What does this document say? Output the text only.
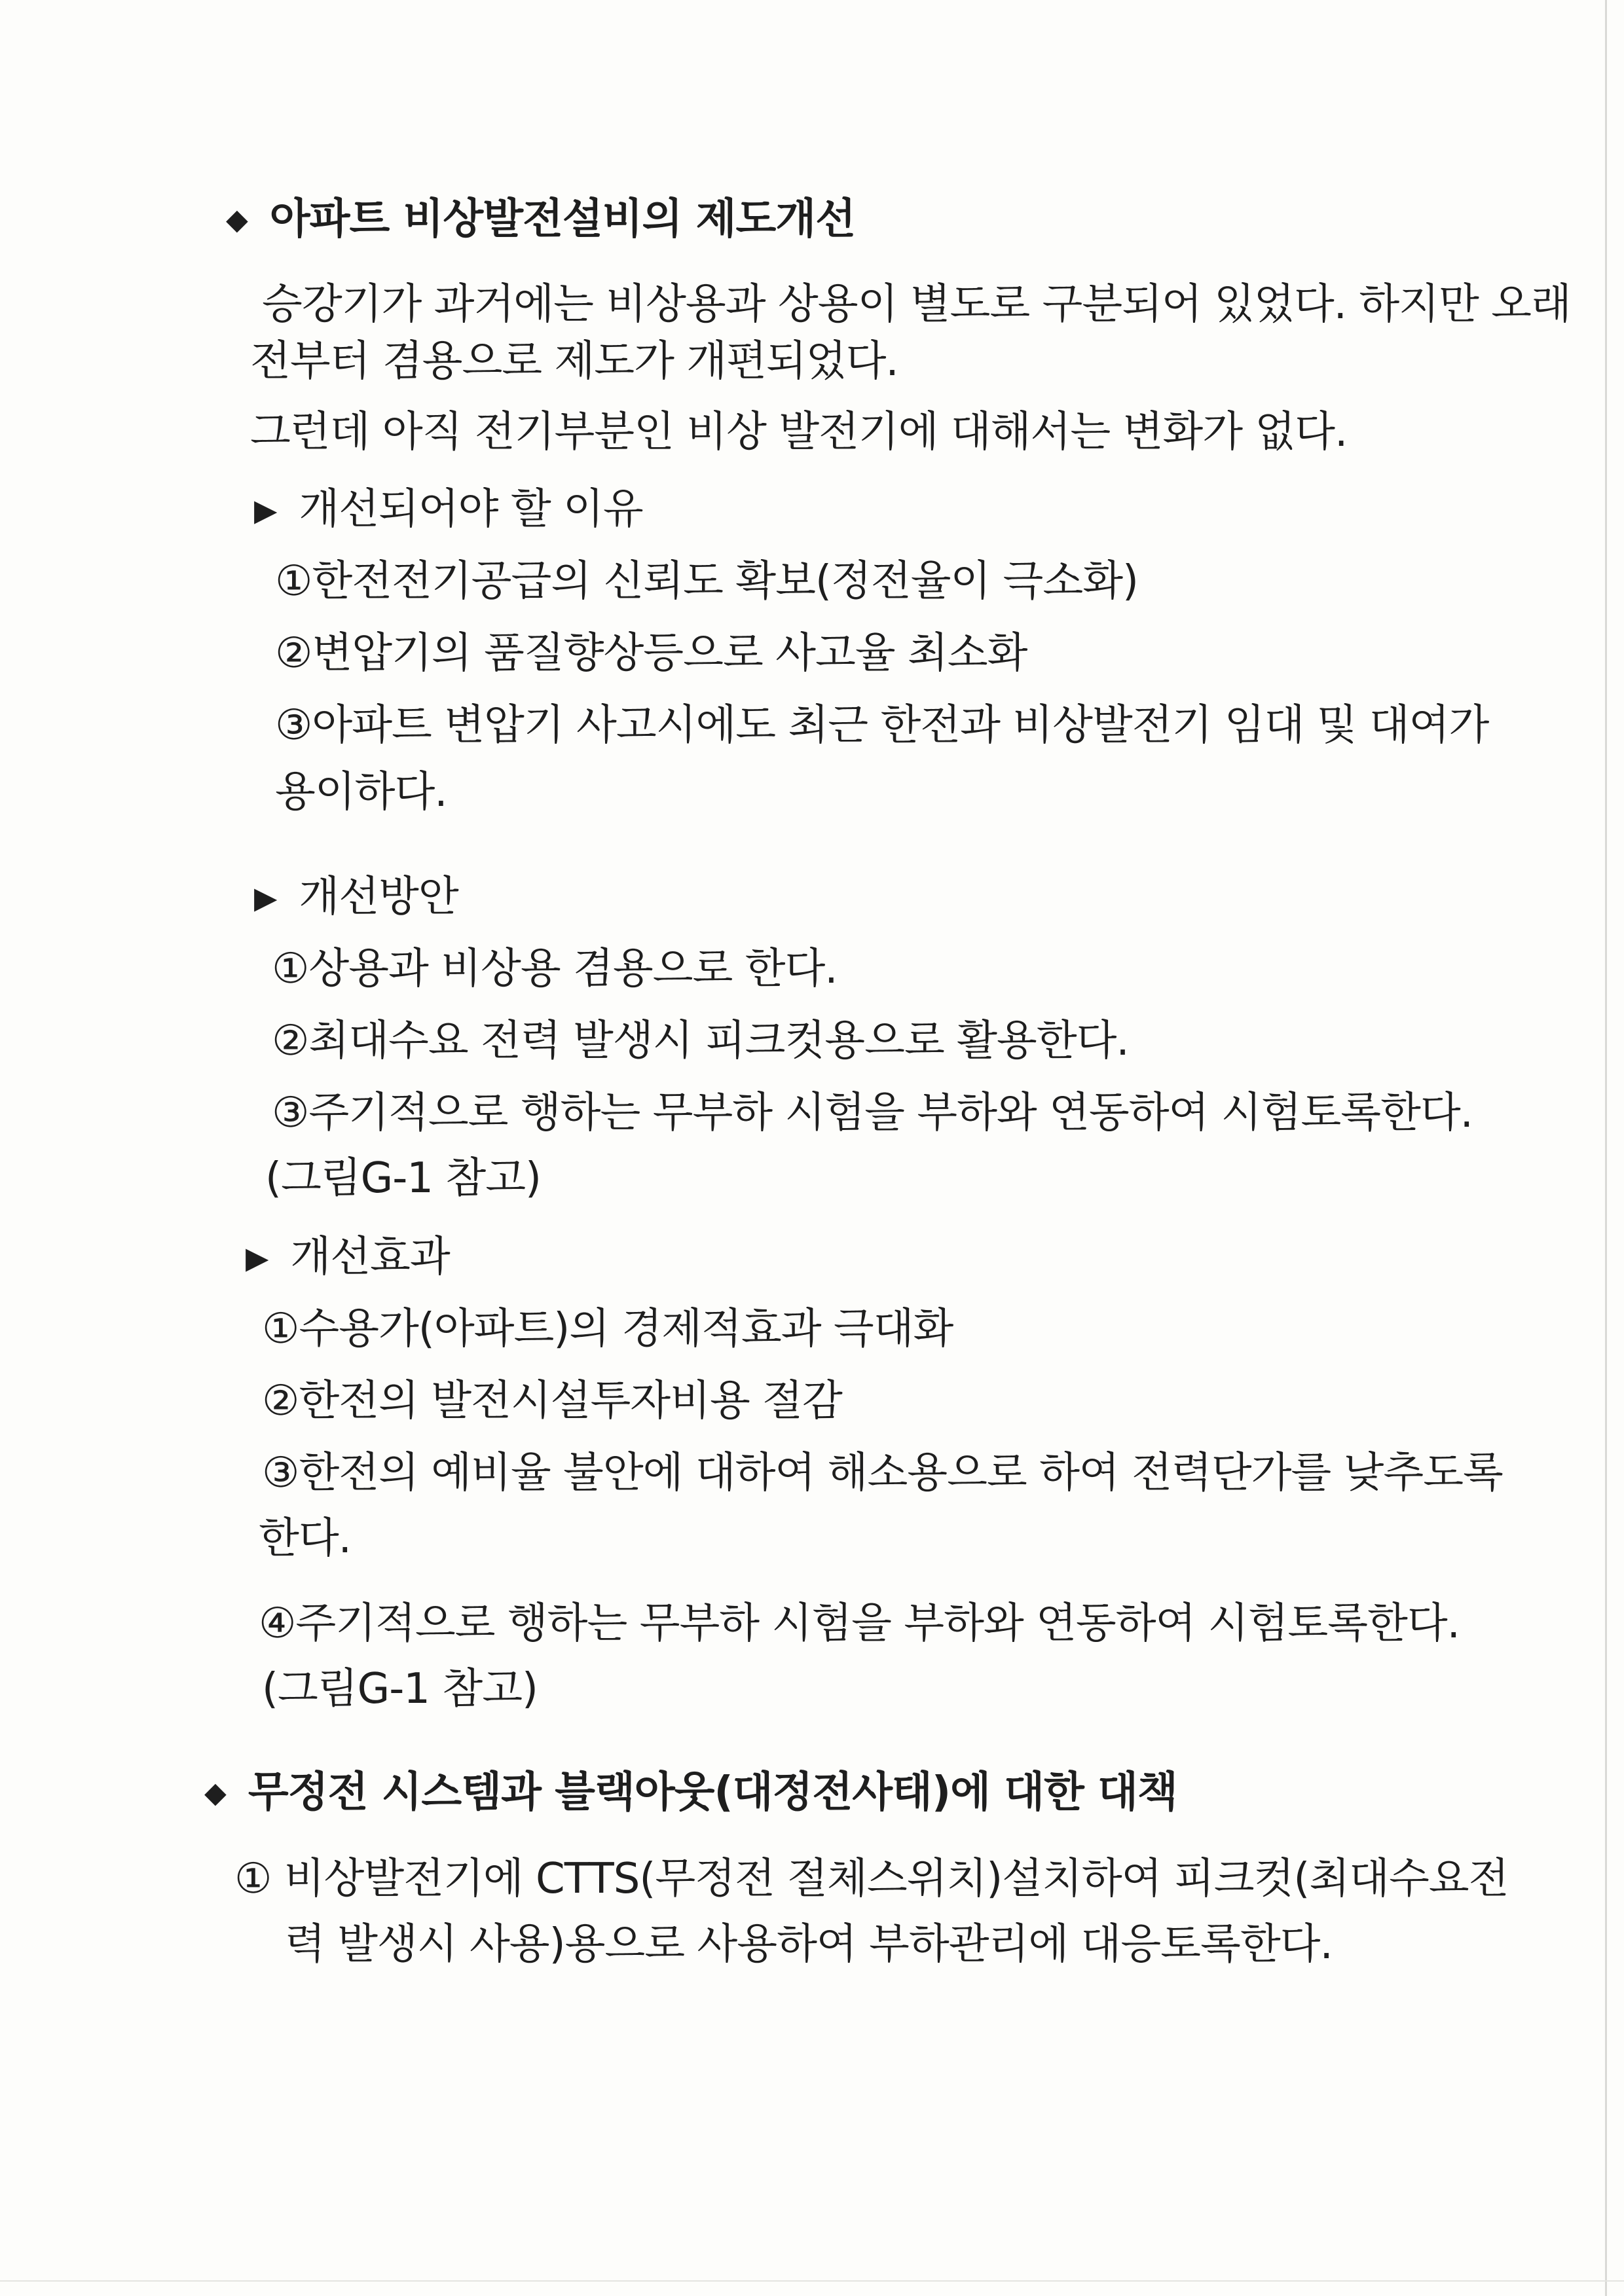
◆ 아파트 비상발전설비의 제도개선
승강기가 과거에는 비상용과 상용이 별도로 구분되어 있었다. 하지만 오래
전부터 겸용으로 제도가 개편되었다.
그런데 아직 전기부분인 비상 발전기에 대해서는 변화가 없다.
▶ 개선되어야 할 이유
①한전전기공급의 신뢰도 확보(정전율이 극소화)
②변압기의 품질향상등으로 사고율 최소화
③아파트 변압기 사고시에도 최근 한전과 비상발전기 임대 및 대여가
용이하다.
▶ 개선방안
①상용과 비상용 겸용으로 한다.
②최대수요 전력 발생시 피크컷용으로 활용한다.
③주기적으로 행하는 무부하 시험을 부하와 연동하여 시험토록한다.
(그림G-1 참고)
▶ 개선효과
①수용가(아파트)의 경제적효과 극대화
②한전의 발전시설투자비용 절감
③한전의 예비율 불안에 대하여 해소용으로 하여 전력단가를 낮추도록
한다.
④주기적으로 행하는 무부하 시험을 부하와 연동하여 시험토록한다.
(그림G-1 참고)
◆ 무정전 시스템과 블랙아웃(대정전사태)에 대한 대책
① 비상발전기에 CTTS(무정전 절체스위치)설치하여 피크컷(최대수요전
력 발생시 사용)용으로 사용하여 부하관리에 대응토록한다.
